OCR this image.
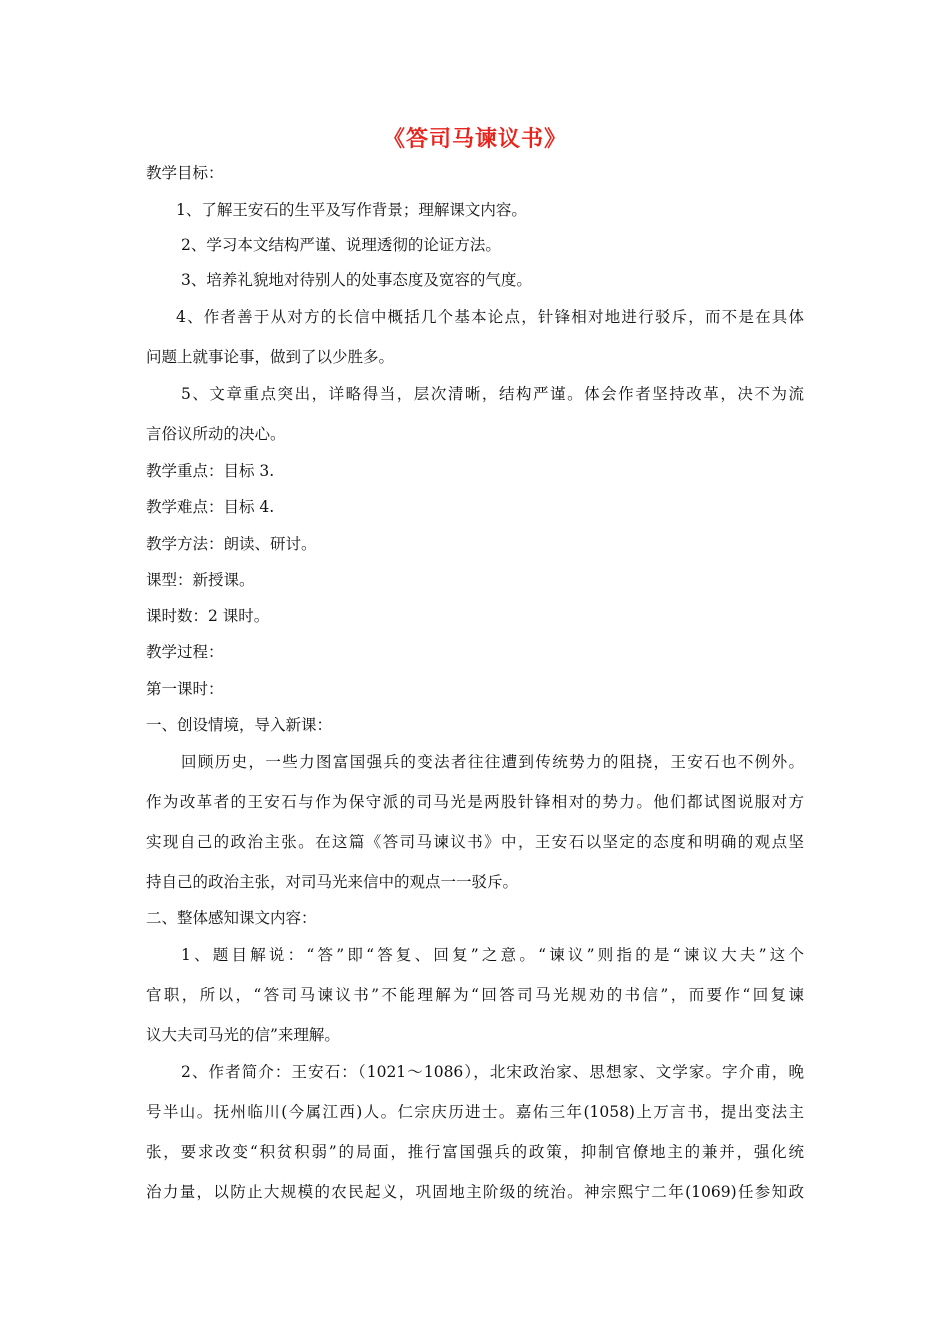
《答司马谏议书》
教学目标：
1、了解王安石的生平及写作背景；理解课文内容。
2、学习本文结构严谨、说理透彻的论证方法。
3、培养礼貌地对待别人的处事态度及宽容的气度。
4、作者善于从对方的长信中概括几个基本论点，针锋相对地进行驳斥，而不是在具体
问题上就事论事，做到了以少胜多。
5、文章重点突出，详略得当，层次清晰，结构严谨。体会作者坚持改革，决不为流
言俗议所动的决心。
教学重点：目标 3.
教学难点：目标 4.
教学方法：朗读、研讨。
课型：新授课。
课时数：2 课时。
教学过程：
第一课时：
一、创设情境，导入新课：
回顾历史，一些力图富国强兵的变法者往往遭到传统势力的阻挠，王安石也不例外。
作为改革者的王安石与作为保守派的司马光是两股针锋相对的势力。他们都试图说服对方
实现自己的政治主张。在这篇《答司马谏议书》中，王安石以坚定的态度和明确的观点坚
持自己的政治主张，对司马光来信中的观点一一驳斥。
二、整体感知课文内容：
1、题目解说：“答”即“答复、回复”之意。“谏议”则指的是“谏议大夫”这个
官职，所以，“答司马谏议书”不能理解为“回答司马光规劝的书信”，而要作“回复谏
议大夫司马光的信”来理解。
2、作者简介：王安石：（1021～1086），北宋政治家、思想家、文学家。字介甫，晚
号半山。抚州临川(今属江西)人。仁宗庆历进士。嘉佑三年(1058)上万言书，提出变法主
张，要求改变“积贫积弱”的局面，推行富国强兵的政策，抑制官僚地主的兼并，强化统
治力量，以防止大规模的农民起义，巩固地主阶级的统治。神宗熙宁二年(1069)任参知政
